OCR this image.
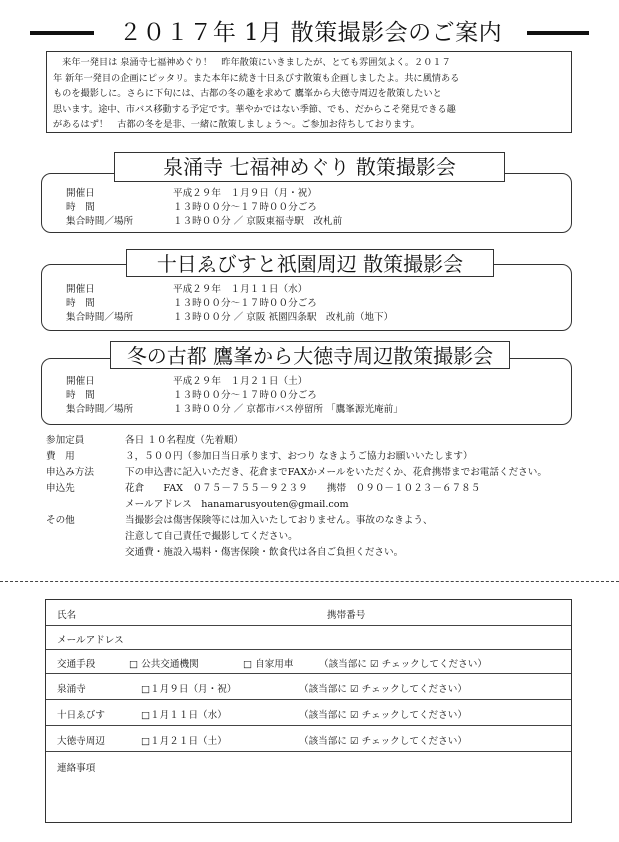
２０１７年 1月 散策撮影会のご案内
　来年一発目は 泉涌寺七福神めぐり！　昨年散策にいきましたが、とても雰囲気よく。２０１７
年 新年一発目の企画にピッタリ。また本年に続き十日ゑびす散策も企画しましたよ。共に風情ある
ものを撮影しに。さらに下旬には、古都の冬の趣を求めて 鷹峯から大徳寺周辺を散策したいと
思います。途中、市バス移動する予定です。華やかではない季節、でも、だからこそ発見できる趣
があるはず！　古都の冬を是非、一緒に散策しましょう～。ご参加お待ちしております。
泉涌寺 七福神めぐり 散策撮影会
開催日	平成２９年　１月９日（月・祝）
時　間	１３時００分～１７時００分ごろ
集合時間／場所	１３時００分 ／ 京阪東福寺駅　改札前
十日ゑびすと祇園周辺 散策撮影会
開催日	平成２９年　１月１１日（水）
時　間	１３時００分～１７時００分ごろ
集合時間／場所	１３時００分 ／ 京阪 祇園四条駅　改札前（地下）
冬の古都 鷹峯から大徳寺周辺散策撮影会
開催日	平成２９年　１月２１日（土）
時　間	１３時００分～１７時００分ごろ
集合時間／場所	１３時００分 ／ 京都市バス停留所 「鷹峯源光庵前」
参加定員	各日 １０名程度（先着順）
費　用	３，５００円（参加日当日承ります、おつり なきようご協力お願いいたします）
申込み方法	下の申込書に記入いただき、花倉までFAXかメールをいただくか、花倉携帯までお電話ください。
申込先	花倉　　FAX　０７５－７５５－９２３９　　携帯　０９０－１０２３－６７８５
メールアドレス　hanamarusyouten@gmail.com
その他	当撮影会は傷害保険等には加入いたしておりません。事故のなきよう、
注意して自己責任で撮影してください。
交通費・施設入場料・傷害保険・飲食代は各自ご負担ください。
氏名	携帯番号
メールアドレス
交通手段	□ 公共交通機関	□ 自家用車	（該当部に ☑ チェックしてください）
泉涌寺	□１月９日（月・祝）	（該当部に ☑ チェックしてください）
十日ゑびす	□１月１１日（水）	（該当部に ☑ チェックしてください）
大徳寺周辺	□１月２１日（土）	（該当部に ☑ チェックしてください）
連絡事項
